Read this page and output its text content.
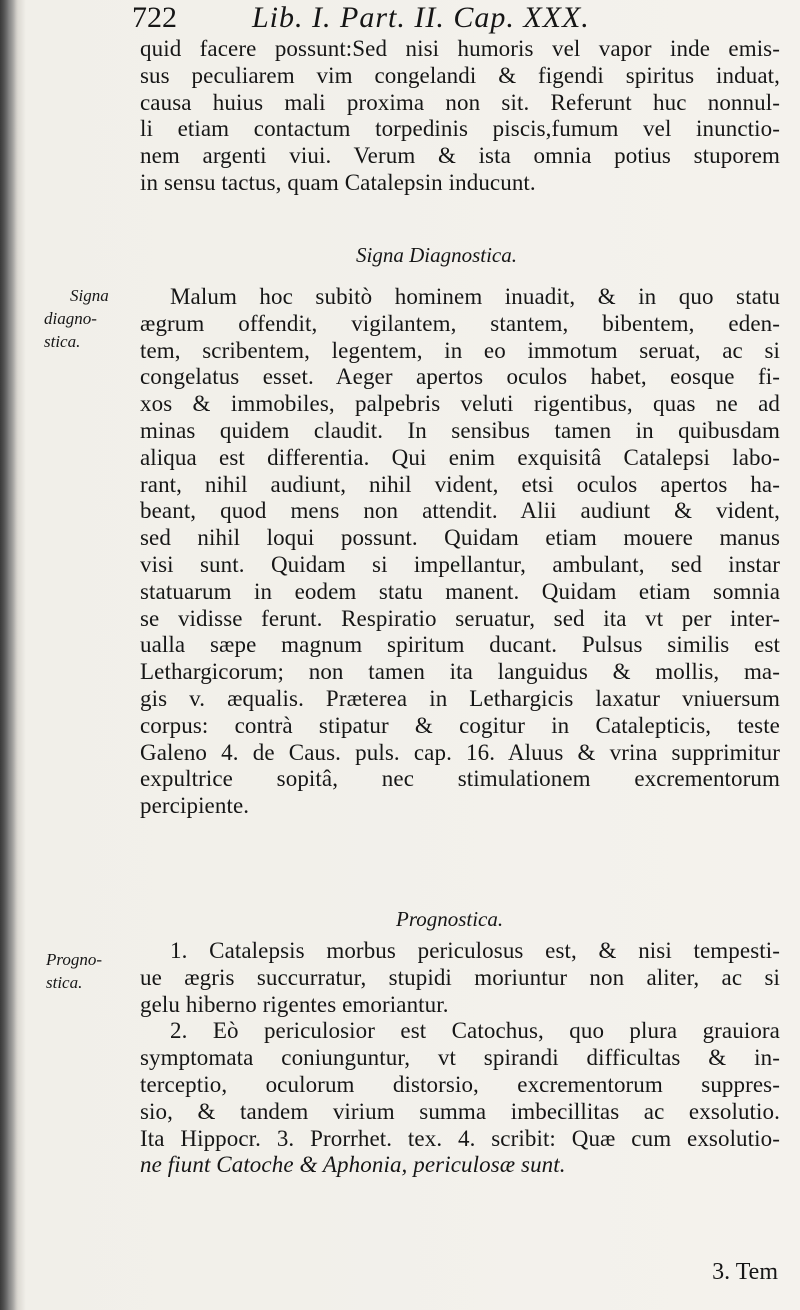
722	Lib. I. Part. II. Cap. XXX.
quid facere possunt:Sed nisi humoris vel vapor inde emis-
sus peculiarem vim congelandi & figendi spiritus induat,
causa huius mali proxima non sit. Referunt huc nonnul-
li etiam contactum torpedinis piscis,fumum vel inunctio-
nem argenti viui. Verum & ista omnia potius stuporem
in sensu tactus, quam Catalepsin inducunt.
Signa Diagnostica.
Signa
diagno-
stica.
Malum hoc subitò hominem inuadit, & in quo statu
ægrum offendit, vigilantem, stantem, bibentem, eden-
tem, scribentem, legentem, in eo immotum seruat, ac si
congelatus esset. Aeger apertos oculos habet, eosque fi-
xos & immobiles, palpebris veluti rigentibus, quas ne ad
minas quidem claudit. In sensibus tamen in quibusdam
aliqua est differentia. Qui enim exquisitâ Catalepsi labo-
rant, nihil audiunt, nihil vident, etsi oculos apertos ha-
beant, quod mens non attendit. Alii audiunt & vident,
sed nihil loqui possunt. Quidam etiam mouere manus
visi sunt. Quidam si impellantur, ambulant, sed instar
statuarum in eodem statu manent. Quidam etiam somnia
se vidisse ferunt. Respiratio seruatur, sed ita vt per inter-
ualla sæpe magnum spiritum ducant. Pulsus similis est
Lethargicorum; non tamen ita languidus & mollis, ma-
gis v. æqualis. Præterea in Lethargicis laxatur vniuersum
corpus: contrà stipatur & cogitur in Catalepticis, teste
Galeno 4. de Caus. puls. cap. 16. Aluus & vrina supprimitur
expultrice sopitâ, nec stimulationem excrementorum
percipiente.
Prognostica.
Progno-
stica.
1. Catalepsis morbus periculosus est, & nisi tempesti-
ue ægris succurratur, stupidi moriuntur non aliter, ac si
gelu hiberno rigentes emoriantur.
2. Eò periculosior est Catochus, quo plura grauiora
symptomata coniunguntur, vt spirandi difficultas & in-
terceptio, oculorum distorsio, excrementorum suppres-
sio, & tandem virium summa imbecillitas ac exsolutio.
Ita Hippocr. 3. Prorrhet. tex. 4. scribit: Quæ cum exsolutio-
ne fiunt Catoche & Aphonia, periculosæ sunt.
3. Tem
